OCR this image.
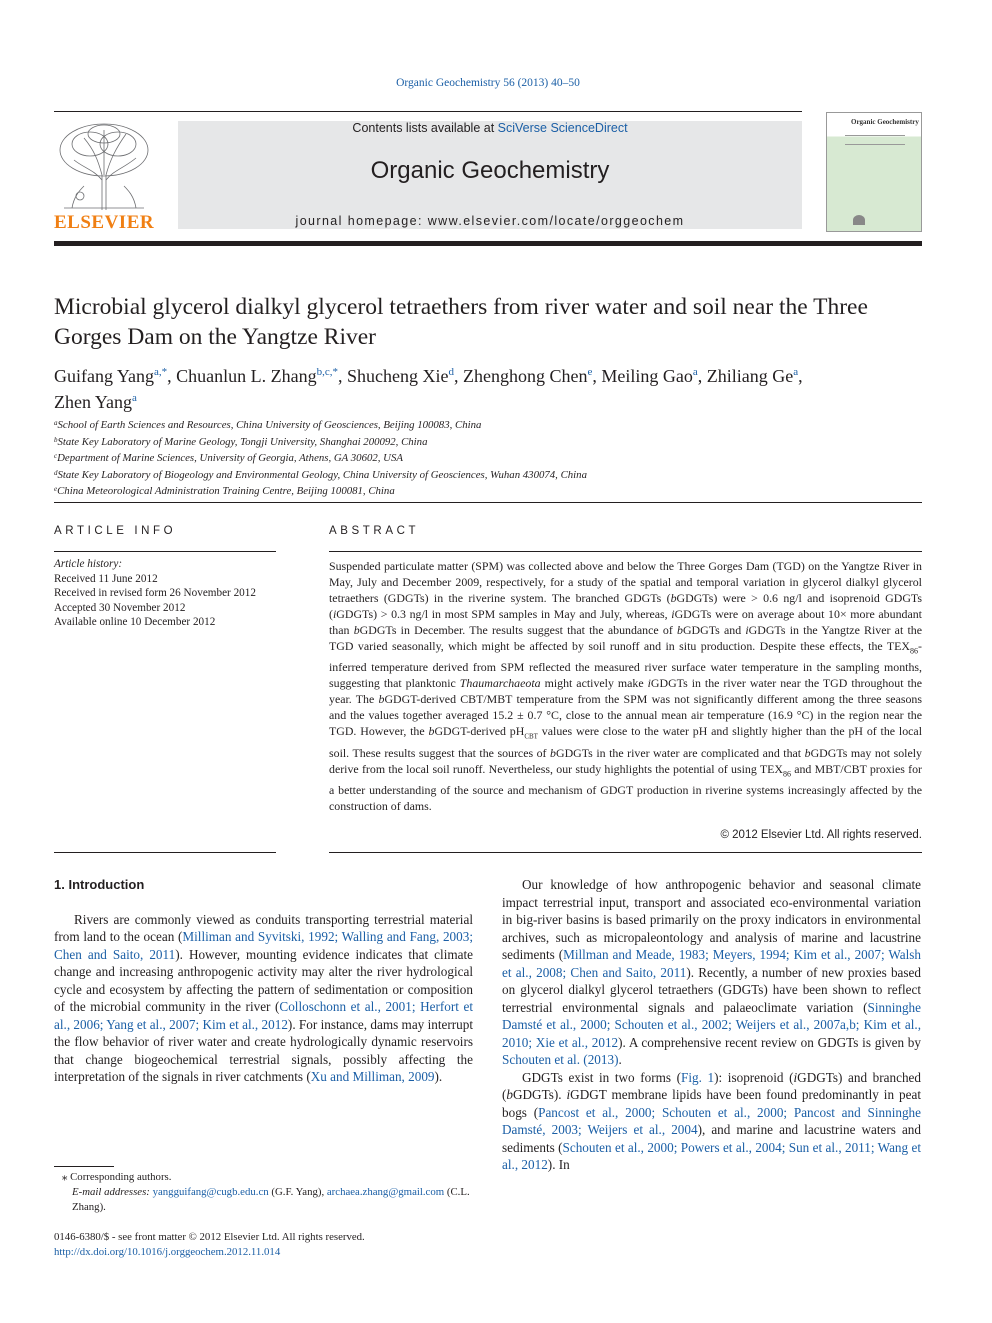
Organic Geochemistry 56 (2013) 40–50
ELSEVIER
Contents lists available at SciVerse ScienceDirect
Organic Geochemistry
journal homepage: www.elsevier.com/locate/orggeochem
Organic Geochemistry
Microbial glycerol dialkyl glycerol tetraethers from river water and soil near the Three Gorges Dam on the Yangtze River
Guifang Yang$^{a,*}$, Chuanlun L. Zhang$^{b,c,*}$, Shucheng Xie$^d$, Zhenghong Chen$^e$, Meiling Gao$^a$, Zhiliang Ge$^a$,
Zhen Yang$^a$
$^a$School of Earth Sciences and Resources, China University of Geosciences, Beijing 100083, China
$^b$State Key Laboratory of Marine Geology, Tongji University, Shanghai 200092, China
$^c$Department of Marine Sciences, University of Georgia, Athens, GA 30602, USA
$^d$State Key Laboratory of Biogeology and Environmental Geology, China University of Geosciences, Wuhan 430074, China
$^e$China Meteorological Administration Training Centre, Beijing 100081, China
ARTICLE INFO	ABSTRACT
Article history:
Received 11 June 2012
Received in revised form 26 November 2012
Accepted 30 November 2012
Available online 10 December 2012
Suspended particulate matter (SPM) was collected above and below the Three Gorges Dam (TGD) on the Yangtze River in May, July and December 2009, respectively, for a study of the spatial and temporal variation in glycerol dialkyl glycerol tetraethers (GDGTs) in the riverine system. The branched GDGTs (bGDGTs) were > 0.6 ng/l and isoprenoid GDGTs (iGDGTs) > 0.3 ng/l in most SPM samples in May and July, whereas, iGDGTs were on average about 10× more abundant than bGDGTs in December. The results suggest that the abundance of bGDGTs and iGDGTs in the Yangtze River at the TGD varied seasonally, which might be affected by soil runoff and in situ production. Despite these effects, the $TEX_{86}$-inferred temperature derived from SPM reflected the measured river surface water temperature in the sampling months, suggesting that planktonic Thaumarchaeota might actively make iGDGTs in the river water near the TGD throughout the year. The bGDGT-derived CBT/MBT temperature from the SPM was not significantly different among the three seasons and the values together averaged 15.2 ± 0.7 °C, close to the annual mean air temperature (16.9 °C) in the region near the TGD. However, the bGDGT-derived $pH_{CBT}$ values were close to the water pH and slightly higher than the pH of the local soil. These results suggest that the sources of bGDGTs in the river water are complicated and that bGDGTs may not solely derive from the local soil runoff. Nevertheless, our study highlights the potential of using $TEX_{86}$ and MBT/CBT proxies for a better understanding of the source and mechanism of GDGT production in riverine systems increasingly affected by the construction of dams.
© 2012 Elsevier Ltd. All rights reserved.
1. Introduction
Rivers are commonly viewed as conduits transporting terrestrial material from land to the ocean (Milliman and Syvitski, 1992; Walling and Fang, 2003; Chen and Saito, 2011). However, mounting evidence indicates that climate change and increasing anthropogenic activity may alter the river hydrological cycle and ecosystem by affecting the pattern of sedimentation or composition of the microbial community in the river (Colloschonn et al., 2001; Herfort et al., 2006; Yang et al., 2007; Kim et al., 2012). For instance, dams may interrupt the flow behavior of river water and create hydrologically dynamic reservoirs that change biogeochemical terrestrial signals, possibly affecting the interpretation of the signals in river catchments (Xu and Milliman, 2009).
Our knowledge of how anthropogenic behavior and seasonal climate impact terrestrial input, transport and associated eco-environmental variation in big-river basins is based primarily on the proxy indicators in environmental archives, such as micropaleontology and analysis of marine and lacustrine sediments (Millman and Meade, 1983; Meyers, 1994; Kim et al., 2007; Walsh et al., 2008; Chen and Saito, 2011). Recently, a number of new proxies based on glycerol dialkyl glycerol tetraethers (GDGTs) have been shown to reflect terrestrial environmental signals and palaeoclimate variation (Sinninghe Damsté et al., 2000; Schouten et al., 2002; Weijers et al., 2007a,b; Kim et al., 2010; Xie et al., 2012). A comprehensive recent review on GDGTs is given by Schouten et al. (2013).
GDGTs exist in two forms (Fig. 1): isoprenoid (iGDGTs) and branched (bGDGTs). iGDGT membrane lipids have been found predominantly in peat bogs (Pancost et al., 2000; Schouten et al., 2000; Pancost and Sinninghe Damsté, 2003; Weijers et al., 2004), and marine and lacustrine waters and sediments (Schouten et al., 2000; Powers et al., 2004; Sun et al., 2011; Wang et al., 2012). In
⁎ Corresponding authors.
E-mail addresses: yangguifang@cugb.edu.cn (G.F. Yang), archaea.zhang@gmail.com (C.L. Zhang).
0146-6380/$ - see front matter © 2012 Elsevier Ltd. All rights reserved.
http://dx.doi.org/10.1016/j.orggeochem.2012.11.014
